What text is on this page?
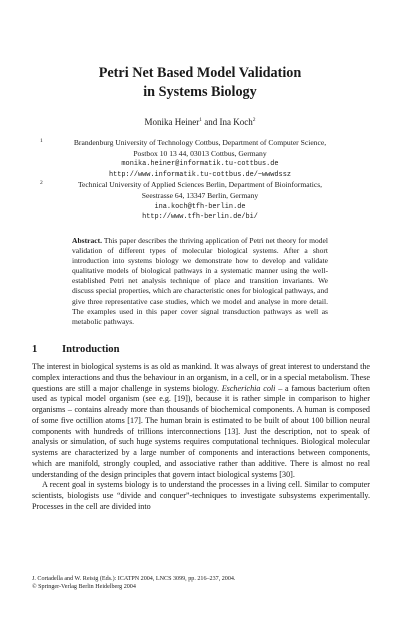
Petri Net Based Model Validation
in Systems Biology
Monika Heiner$^1$ and Ina Koch$^2$
1	Brandenburg University of Technology Cottbus, Department of Computer Science,
Postbox 10 13 44, 03013 Cottbus, Germany
monika.heiner@informatik.tu-cottbus.de
http://www.informatik.tu-cottbus.de/~wwwdssz
2	Technical University of Applied Sciences Berlin, Department of Bioinformatics,
Seestrasse 64, 13347 Berlin, Germany
ina.koch@tfh-berlin.de
http://www.tfh-berlin.de/bi/
Abstract. This paper describes the thriving application of Petri net theory for model validation of different types of molecular biological systems. After a short introduction into systems biology we demonstrate how to develop and validate qualitative models of biological pathways in a systematic manner using the well-established Petri net analysis technique of place and transition invariants. We discuss special properties, which are characteristic ones for biological pathways, and give three representative case studies, which we model and analyse in more detail. The examples used in this paper cover signal transduction pathways as well as metabolic pathways.
1 Introduction

The interest in biological systems is as old as mankind. It was always of great interest to understand the complex interactions and thus the behaviour in an organism, in a cell, or in a special metabolism. These questions are still a major challenge in systems biology. Escherichia coli – a famous bacterium often used as typical model organism (see e.g. [19]), because it is rather simple in comparison to higher organisms – contains already more than thousands of biochemical components. A human is composed of some five octillion atoms [17]. The human brain is estimated to be built of about 100 billion neural components with hundreds of trillions interconnections [13]. Just the description, not to speak of analysis or simulation, of such huge systems requires computational techniques. Biological molecular systems are characterized by a large number of components and interactions between components, which are manifold, strongly coupled, and associative rather than additive. There is almost no real understanding of the design principles that govern intact biological systems [30].

A recent goal in systems biology is to understand the processes in a living cell. Similar to computer scientists, biologists use “divide and conquer”-techniques to investigate subsystems experimentally. Processes in the cell are divided into

J. Cortadella and W. Reisig (Eds.): ICATPN 2004, LNCS 3099, pp. 216–237, 2004.
© Springer-Verlag Berlin Heidelberg 2004
